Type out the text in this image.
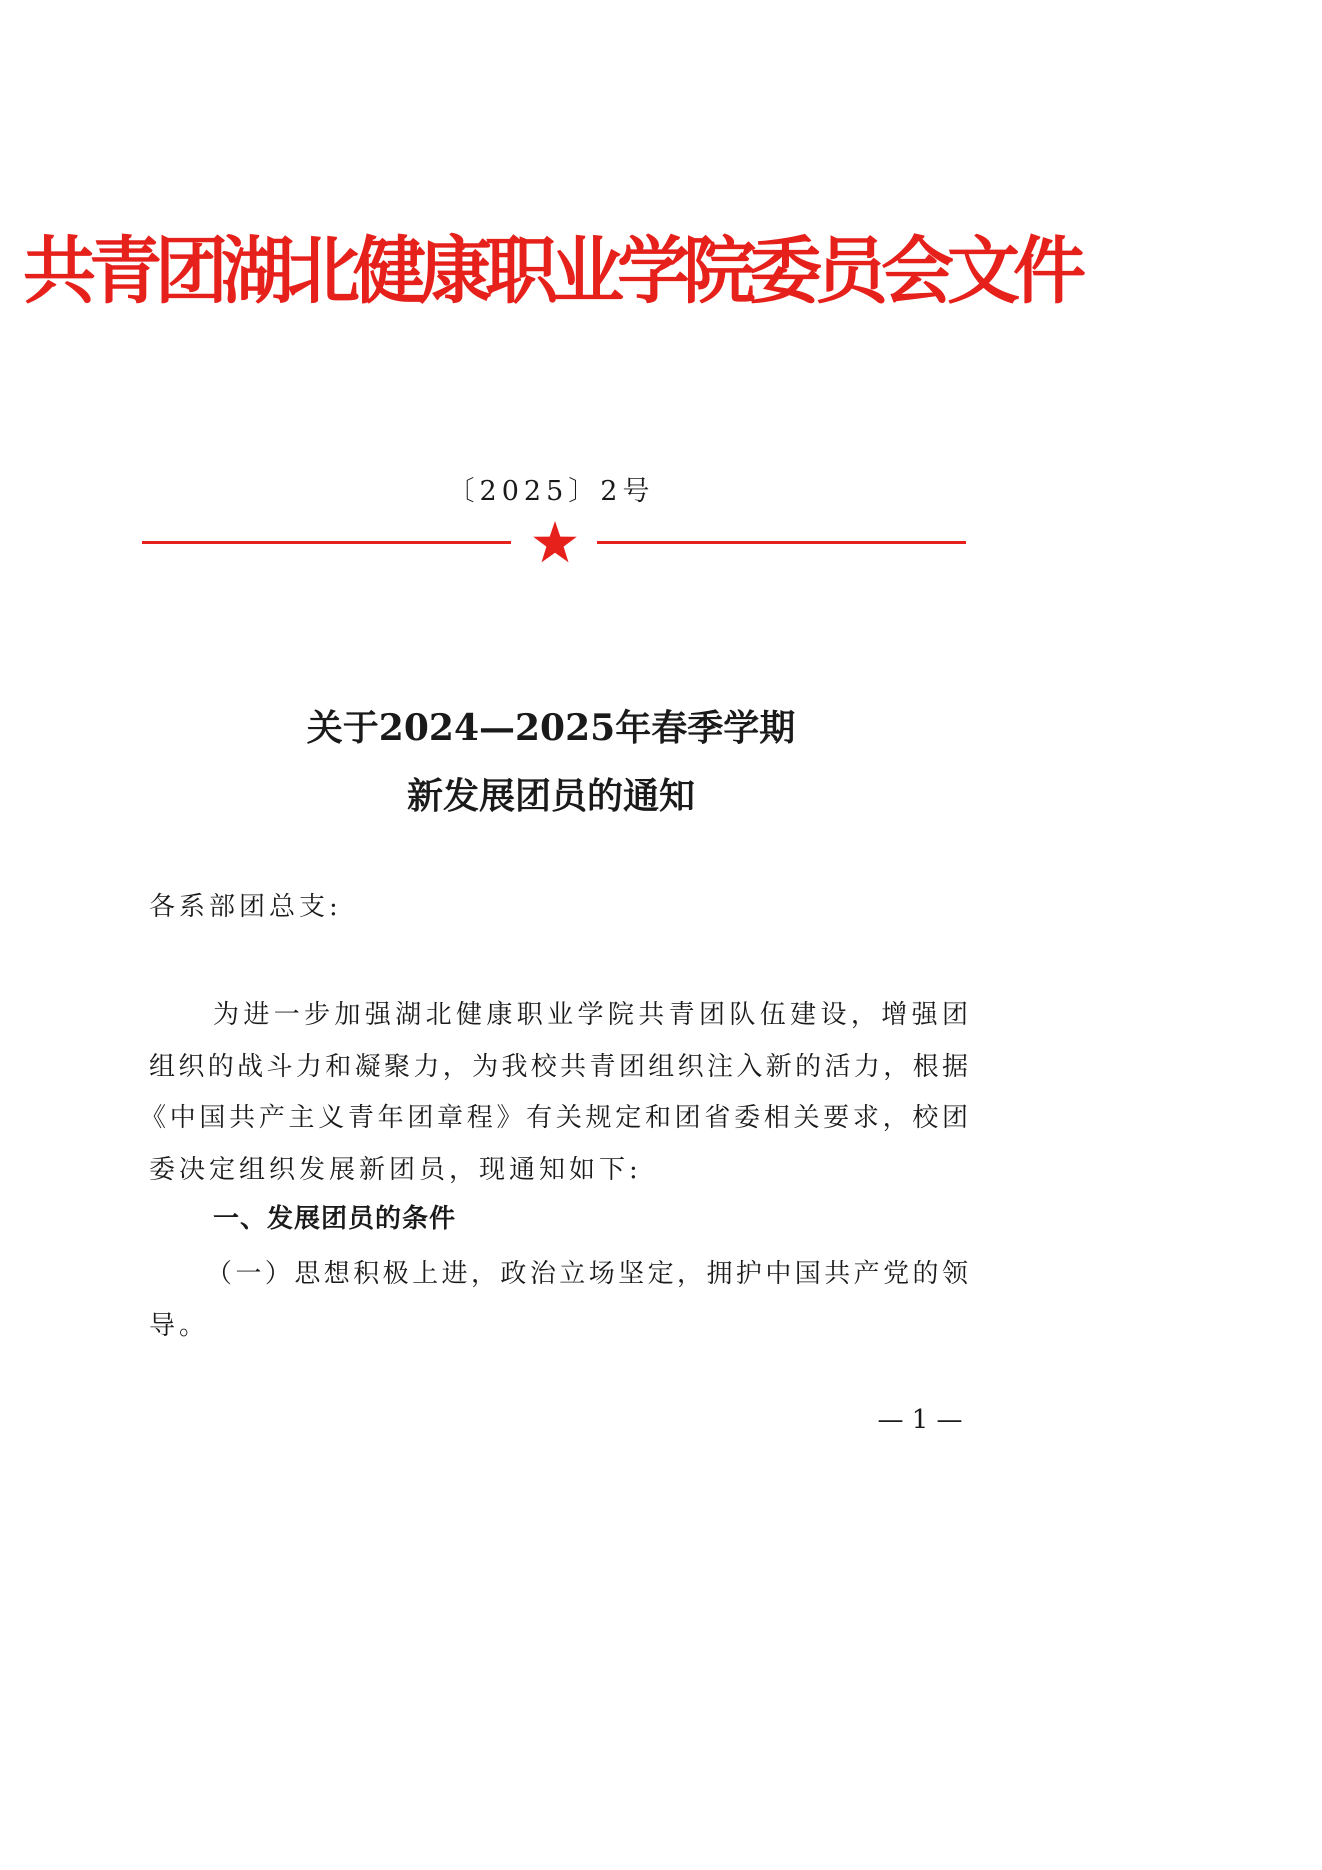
共青团湖北健康职业学院委员会文件
〔2025〕2号
关于2024—2025年春季学期
新发展团员的通知
各系部团总支:
为进一步加强湖北健康职业学院共青团队伍建设，增强团
组织的战斗力和凝聚力，为我校共青团组织注入新的活力，根据
《中国共产主义青年团章程》有关规定和团省委相关要求，校团
委决定组织发展新团员，现通知如下:
一、发展团员的条件
（一）思想积极上进，政治立场坚定，拥护中国共产党的领
导。
— 1 —
